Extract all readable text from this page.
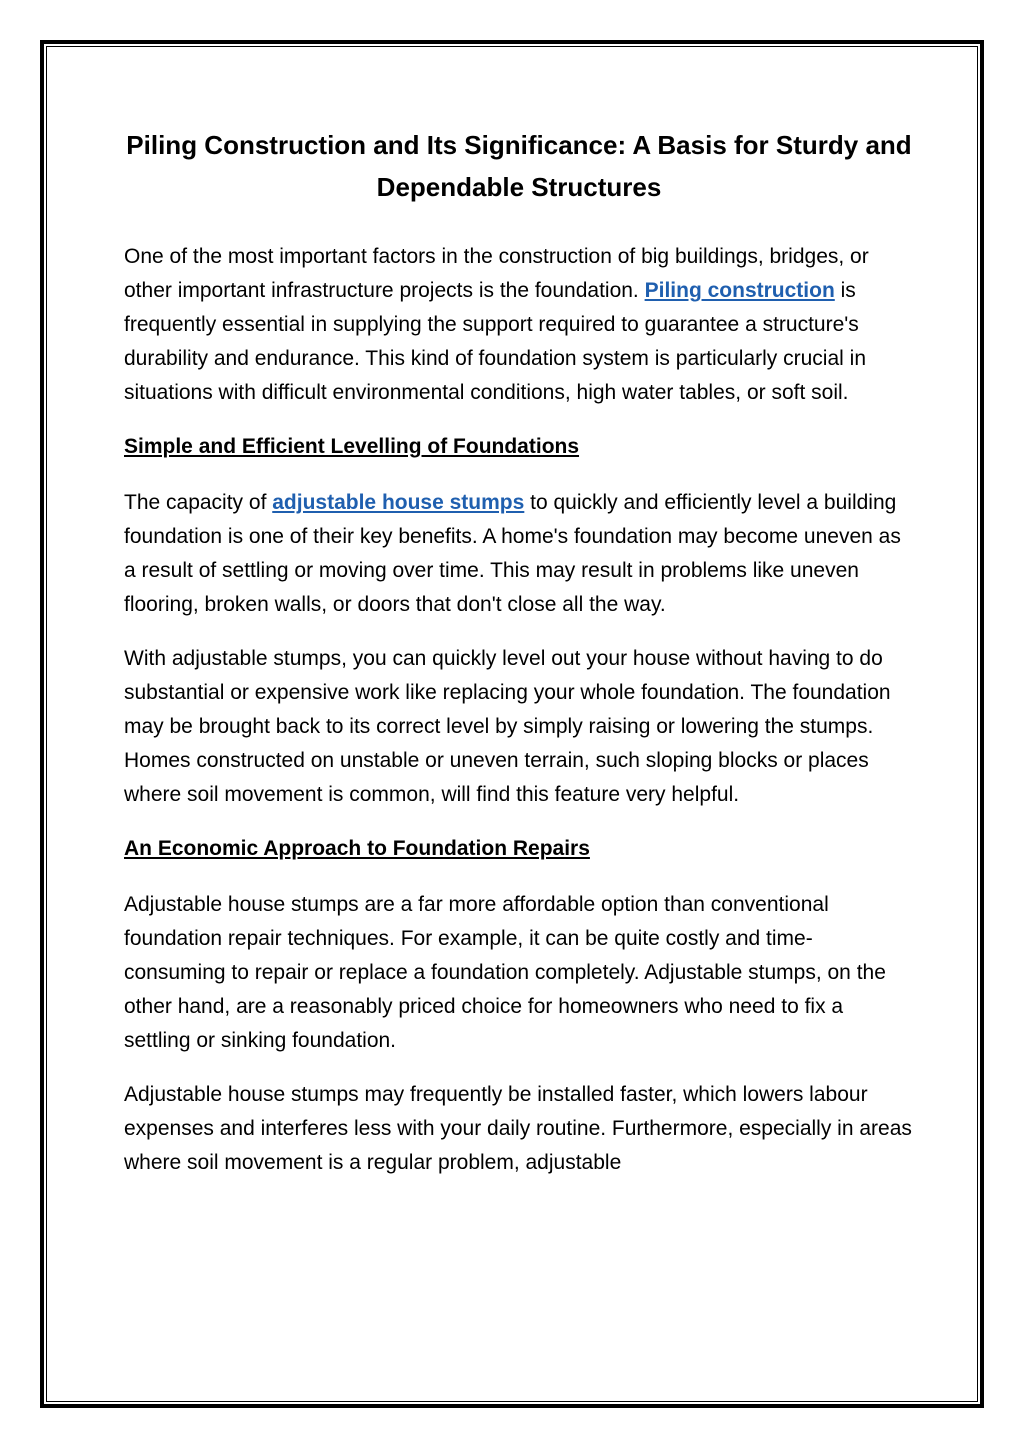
Piling Construction and Its Significance: A Basis for Sturdy and Dependable Structures

One of the most important factors in the construction of big buildings, bridges, or other important infrastructure projects is the foundation. Piling construction is frequently essential in supplying the support required to guarantee a structure's durability and endurance. This kind of foundation system is particularly crucial in situations with difficult environmental conditions, high water tables, or soft soil.

Simple and Efficient Levelling of Foundations

The capacity of adjustable house stumps to quickly and efficiently level a building foundation is one of their key benefits. A home's foundation may become uneven as a result of settling or moving over time. This may result in problems like uneven flooring, broken walls, or doors that don't close all the way.

With adjustable stumps, you can quickly level out your house without having to do substantial or expensive work like replacing your whole foundation. The foundation may be brought back to its correct level by simply raising or lowering the stumps. Homes constructed on unstable or uneven terrain, such sloping blocks or places where soil movement is common, will find this feature very helpful.

An Economic Approach to Foundation Repairs

Adjustable house stumps are a far more affordable option than conventional foundation repair techniques. For example, it can be quite costly and time-consuming to repair or replace a foundation completely. Adjustable stumps, on the other hand, are a reasonably priced choice for homeowners who need to fix a settling or sinking foundation.

Adjustable house stumps may frequently be installed faster, which lowers labour expenses and interferes less with your daily routine. Furthermore, especially in areas where soil movement is a regular problem, adjustable
